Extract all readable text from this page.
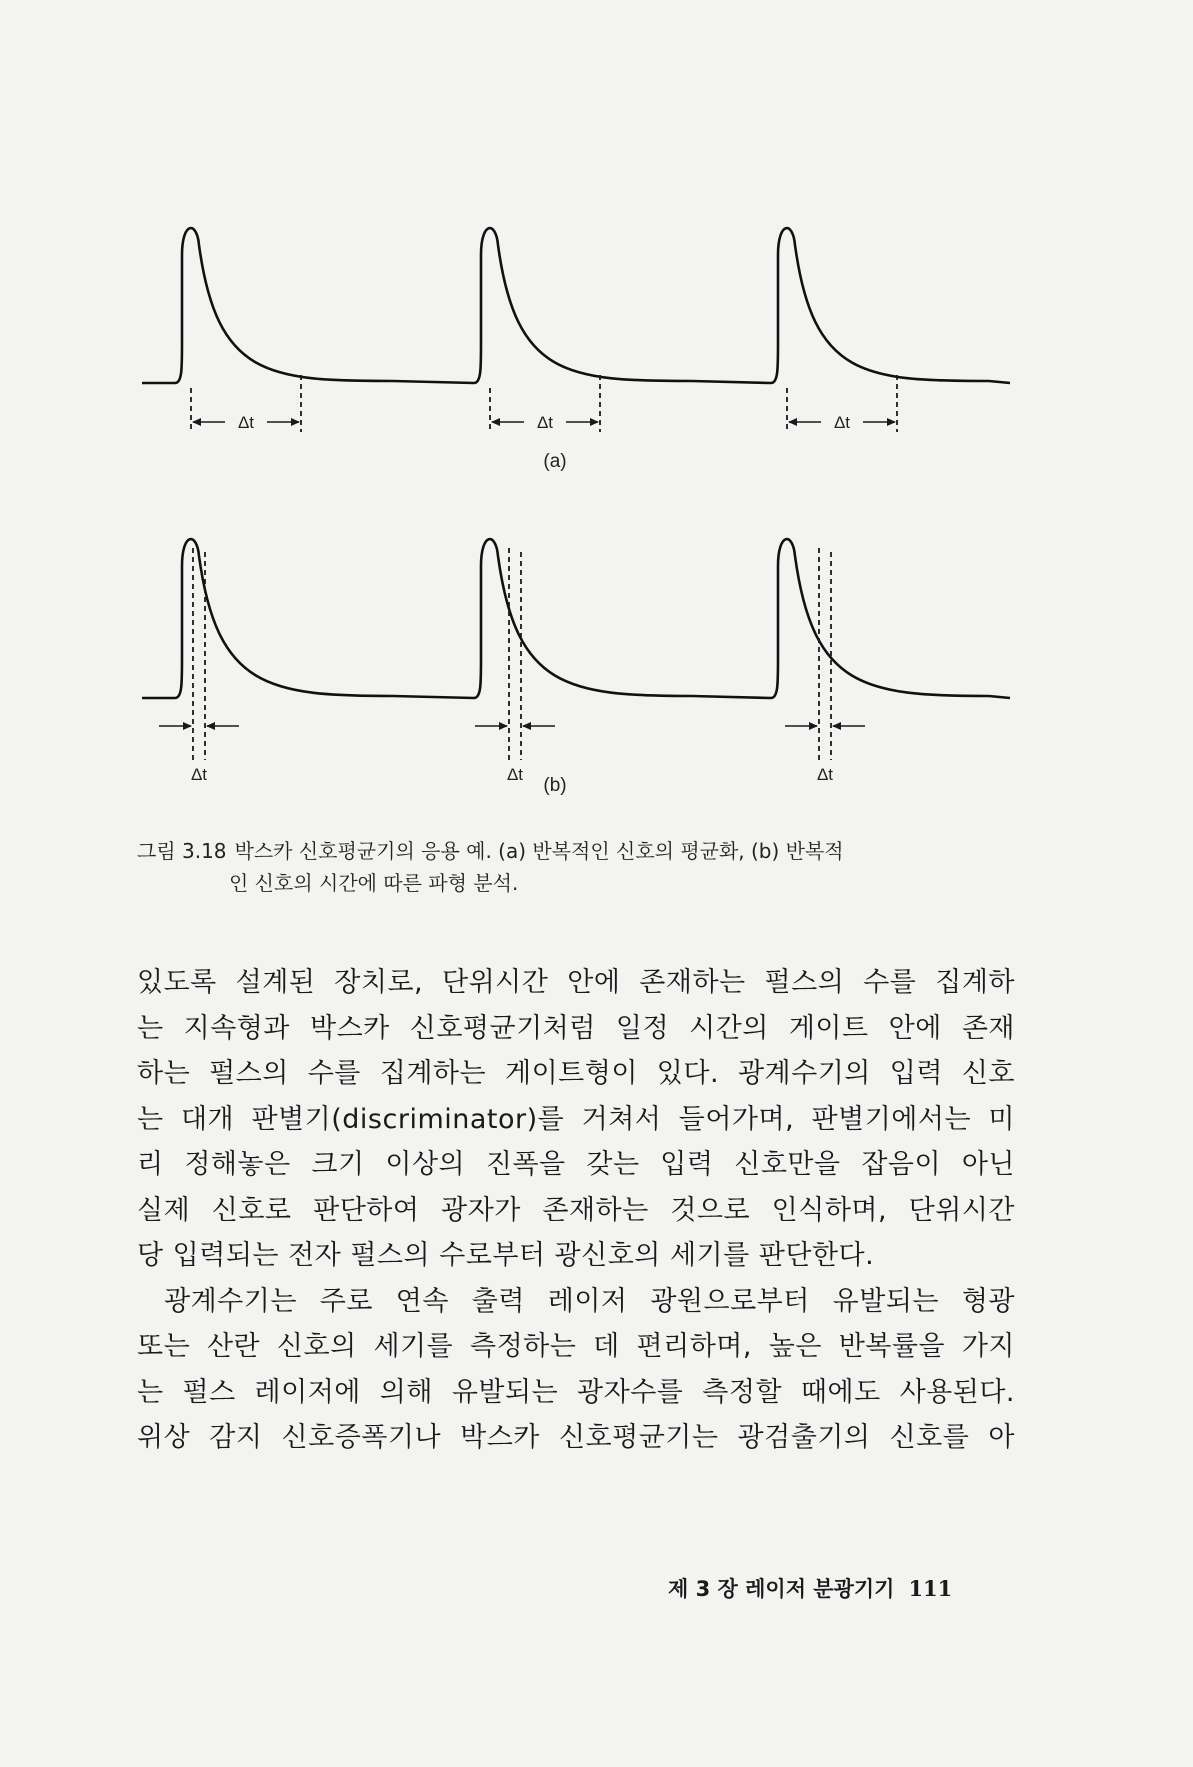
Δt	Δt	Δt
Δt	Δt	Δt
(a)
(b)
그림 3.18 박스카 신호평균기의 응용 예. (a) 반복적인 신호의 평균화, (b) 반복적
인 신호의 시간에 따른 파형 분석.
있도록 설계된 장치로, 단위시간 안에 존재하는 펄스의 수를 집계하
는 지속형과 박스카 신호평균기처럼 일정 시간의 게이트 안에 존재
하는 펄스의 수를 집계하는 게이트형이 있다. 광계수기의 입력 신호
는 대개 판별기(discriminator)를 거쳐서 들어가며, 판별기에서는 미
리 정해놓은 크기 이상의 진폭을 갖는 입력 신호만을 잡음이 아닌
실제 신호로 판단하여 광자가 존재하는 것으로 인식하며, 단위시간
당 입력되는 전자 펄스의 수로부터 광신호의 세기를 판단한다.
광계수기는 주로 연속 출력 레이저 광원으로부터 유발되는 형광
또는 산란 신호의 세기를 측정하는 데 편리하며, 높은 반복률을 가지
는 펄스 레이저에 의해 유발되는 광자수를 측정할 때에도 사용된다.
위상 감지 신호증폭기나 박스카 신호평균기는 광검출기의 신호를 아
제 3 장 레이저 분광기기 111
